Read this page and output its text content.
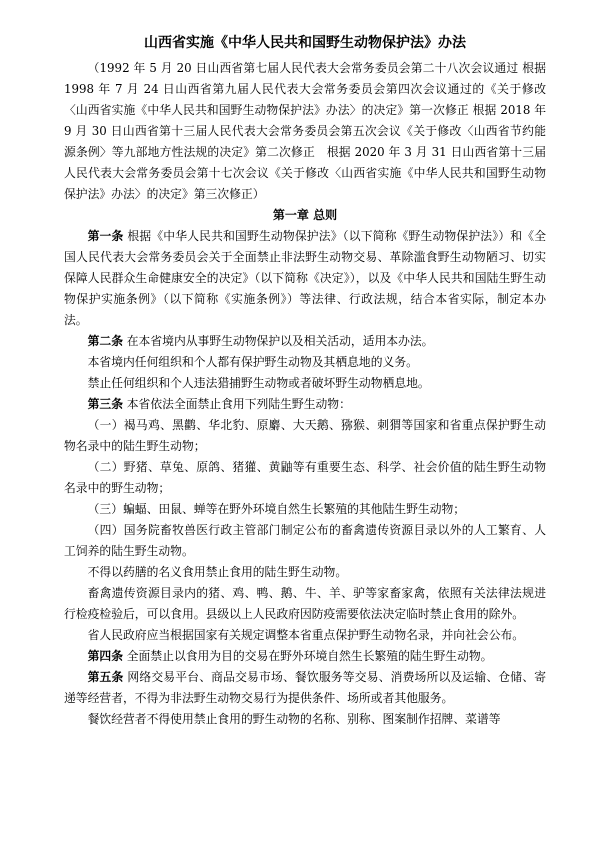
山西省实施《中华人民共和国野生动物保护法》办法

（1992 年 5 月 20 日山西省第七届人民代表大会常务委员会第二十八次会议通过 根据 1998 年 7 月 24 日山西省第九届人民代表大会常务委员会第四次会议通过的《关于修改〈山西省实施《中华人民共和国野生动物保护法》办法〉的决定》第一次修正 根据 2018 年 9 月 30 日山西省第十三届人民代表大会常务委员会第五次会议《关于修改〈山西省节约能源条例〉等九部地方性法规的决定》第二次修正　根据 2020 年 3 月 31 日山西省第十三届人民代表大会常务委员会第十七次会议《关于修改〈山西省实施《中华人民共和国野生动物保护法》办法〉的决定》第三次修正）

第一章 总则

第一条 根据《中华人民共和国野生动物保护法》（以下简称《野生动物保护法》）和《全国人民代表大会常务委员会关于全面禁止非法野生动物交易、革除滥食野生动物陋习、切实保障人民群众生命健康安全的决定》（以下简称《决定》），以及《中华人民共和国陆生野生动物保护实施条例》（以下简称《实施条例》）等法律、行政法规，结合本省实际，制定本办法。

第二条 在本省境内从事野生动物保护以及相关活动，适用本办法。

本省境内任何组织和个人都有保护野生动物及其栖息地的义务。

禁止任何组织和个人违法猎捕野生动物或者破坏野生动物栖息地。

第三条 本省依法全面禁止食用下列陆生野生动物：

（一）褐马鸡、黑鹳、华北豹、原麝、大天鹅、猕猴、刺猬等国家和省重点保护野生动物名录中的陆生野生动物；

（二）野猪、草兔、原鸽、猪獾、黄鼬等有重要生态、科学、社会价值的陆生野生动物名录中的野生动物；

（三）蝙蝠、田鼠、蝉等在野外环境自然生长繁殖的其他陆生野生动物；

（四）国务院畜牧兽医行政主管部门制定公布的畜禽遗传资源目录以外的人工繁育、人工饲养的陆生野生动物。

不得以药膳的名义食用禁止食用的陆生野生动物。

畜禽遗传资源目录内的猪、鸡、鸭、鹅、牛、羊、驴等家畜家禽，依照有关法律法规进行检疫检验后，可以食用。县级以上人民政府因防疫需要依法决定临时禁止食用的除外。

省人民政府应当根据国家有关规定调整本省重点保护野生动物名录，并向社会公布。

第四条 全面禁止以食用为目的交易在野外环境自然生长繁殖的陆生野生动物。

第五条 网络交易平台、商品交易市场、餐饮服务等交易、消费场所以及运输、仓储、寄递等经营者，不得为非法野生动物交易行为提供条件、场所或者其他服务。

餐饮经营者不得使用禁止食用的野生动物的名称、别称、图案制作招牌、菜谱等
